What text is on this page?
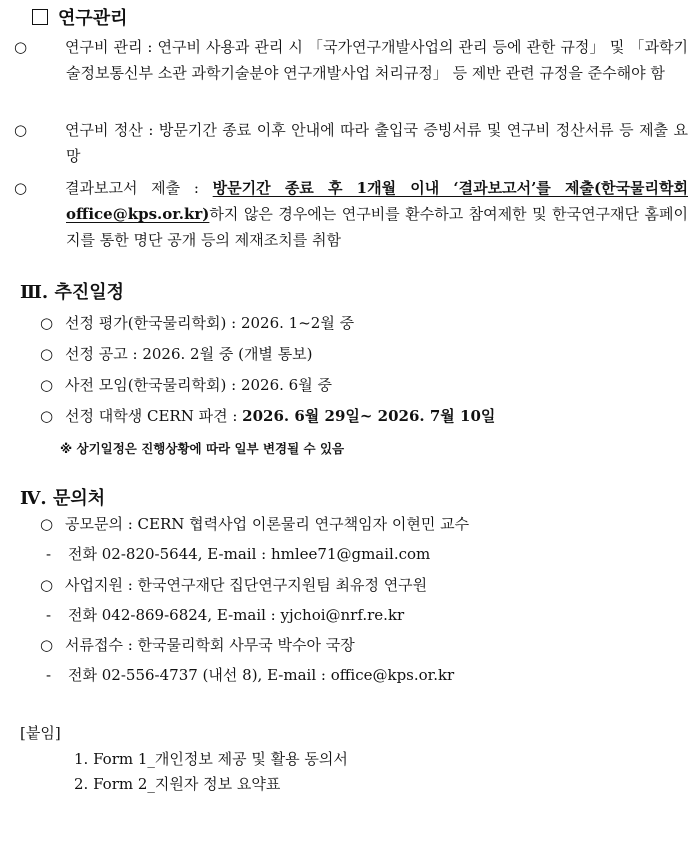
연구관리
○	연구비 관리 : 연구비 사용과 관리 시 「국가연구개발사업의 관리 등에 관한 규정」 및 「과학기술정보통신부 소관 과학기술분야 연구개발사업 처리규정」 등 제반 관련 규정을 준수해야 함
○	연구비 정산 : 방문기간 종료 이후 안내에 따라 출입국 증빙서류 및 연구비 정산서류 등 제출 요망
○	결과보고서 제출 : 방문기간 종료 후 1개월 이내 ‘결과보고서’를 제출(한국물리학회 office@kps.or.kr)하지 않은 경우에는 연구비를 환수하고 참여제한 및 한국연구재단 홈페이지를 통한 명단 공개 등의 제재조치를 취함
Ⅲ. 추진일정
○ 선정 평가(한국물리학회) : 2026. 1~2월 중
○ 선정 공고 : 2026. 2월 중 (개별 통보)
○ 사전 모임(한국물리학회) : 2026. 6월 중
○ 선정 대학생 CERN 파견 : 2026. 6월 29일~ 2026. 7월 10일
※ 상기일정은 진행상황에 따라 일부 변경될 수 있음
Ⅳ. 문의처
○ 공모문의 : CERN 협력사업 이론물리 연구책임자 이현민 교수
- 전화 02-820-5644, E-mail : hmlee71@gmail.com
○ 사업지원 : 한국연구재단 집단연구지원팀 최유정 연구원
- 전화 042-869-6824, E-mail : yjchoi@nrf.re.kr
○ 서류접수 : 한국물리학회 사무국 박수아 국장
- 전화 02-556-4737 (내선 8), E-mail : office@kps.or.kr
[붙임]
1. Form 1_개인정보 제공 및 활용 동의서
2. Form 2_지원자 정보 요약표
